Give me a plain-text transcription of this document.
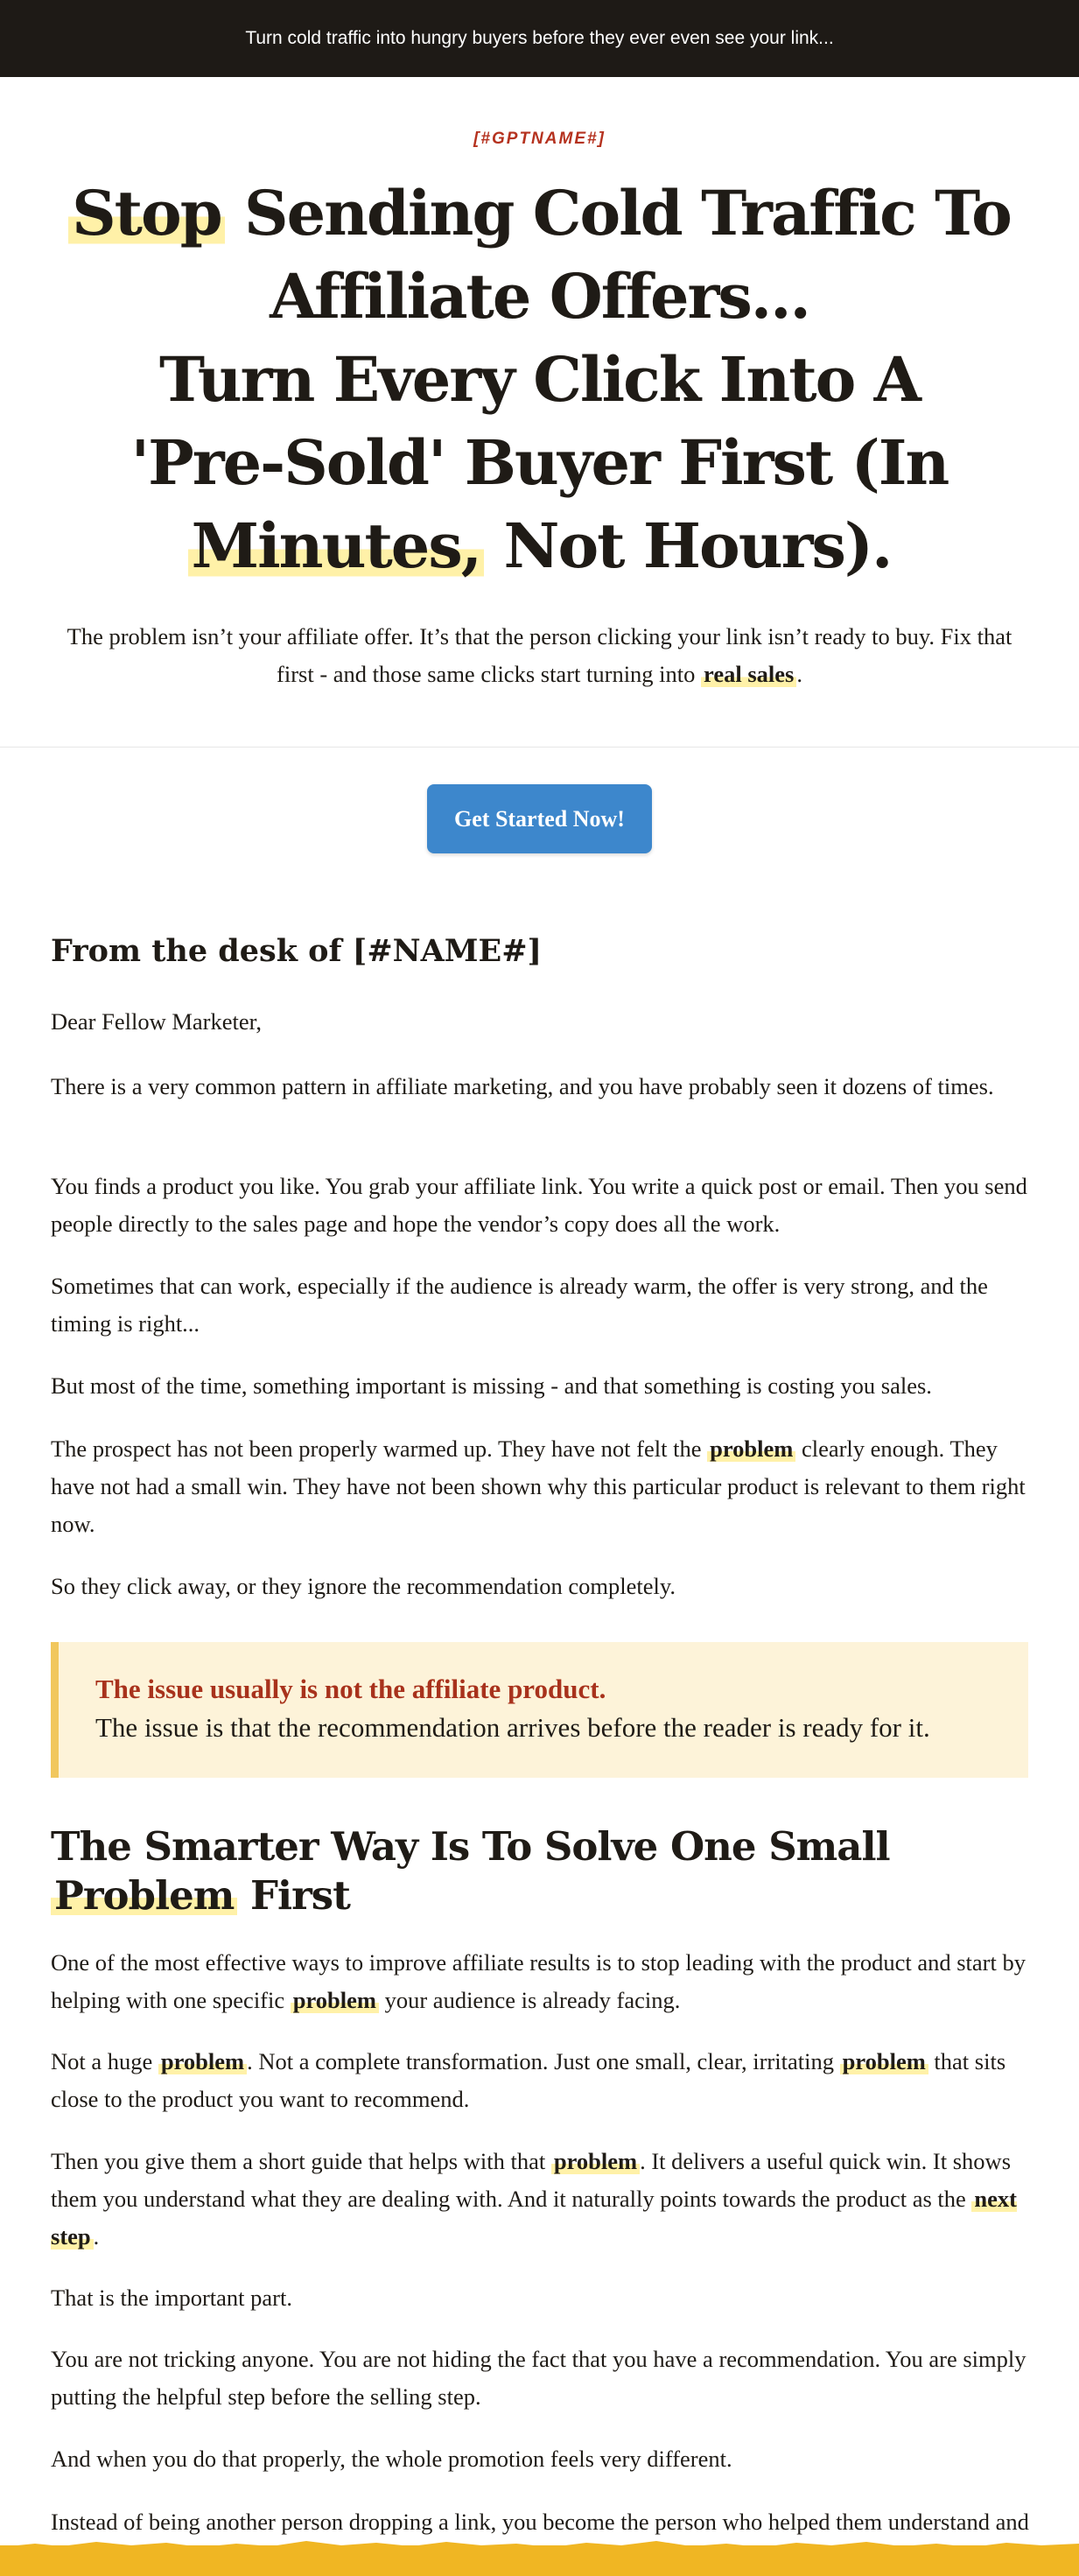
Turn cold traffic into hungry buyers before they ever even see your link...
[#GPTNAME#]
Stop Sending Cold Traffic To
Affiliate Offers...
Turn Every Click Into A
'Pre-Sold' Buyer First (In
Minutes, Not Hours).

The problem isn’t your affiliate offer. It’s that the person clicking your link isn’t ready to buy. Fix that first - and those same clicks start turning into real sales .

Get Started Now!
From the desk of [#NAME#]

Dear Fellow Marketer,

There is a very common pattern in affiliate marketing, and you have probably seen it dozens of times.

You finds a product you like. You grab your affiliate link. You write a quick post or email. Then you send people directly to the sales page and hope the vendor’s copy does all the work.

Sometimes that can work, especially if the audience is already warm, the offer is very strong, and the timing is right...

But most of the time, something important is missing - and that something is costing you sales.

The prospect has not been properly warmed up. They have not felt the problem clearly enough. They have not had a small win. They have not been shown why this particular product is relevant to them right now.

So they click away, or they ignore the recommendation completely.

The issue usually is not the affiliate product.
The issue is that the recommendation arrives before the reader is ready for it.
The Smarter Way Is To Solve One Small
Problem First

One of the most effective ways to improve affiliate results is to stop leading with the product and start by helping with one specific problem your audience is already facing.

Not a huge problem . Not a complete transformation. Just one small, clear, irritating problem that sits close to the product you want to recommend.

Then you give them a short guide that helps with that problem . It delivers a useful quick win. It shows them you understand what they are dealing with. And it naturally points towards the product as the next step .

That is the important part.

You are not tricking anyone. You are not hiding the fact that you have a recommendation. You are simply putting the helpful step before the selling step.

And when you do that properly, the whole promotion feels very different.

Instead of being another person dropping a link, you become the person who helped them understand and
